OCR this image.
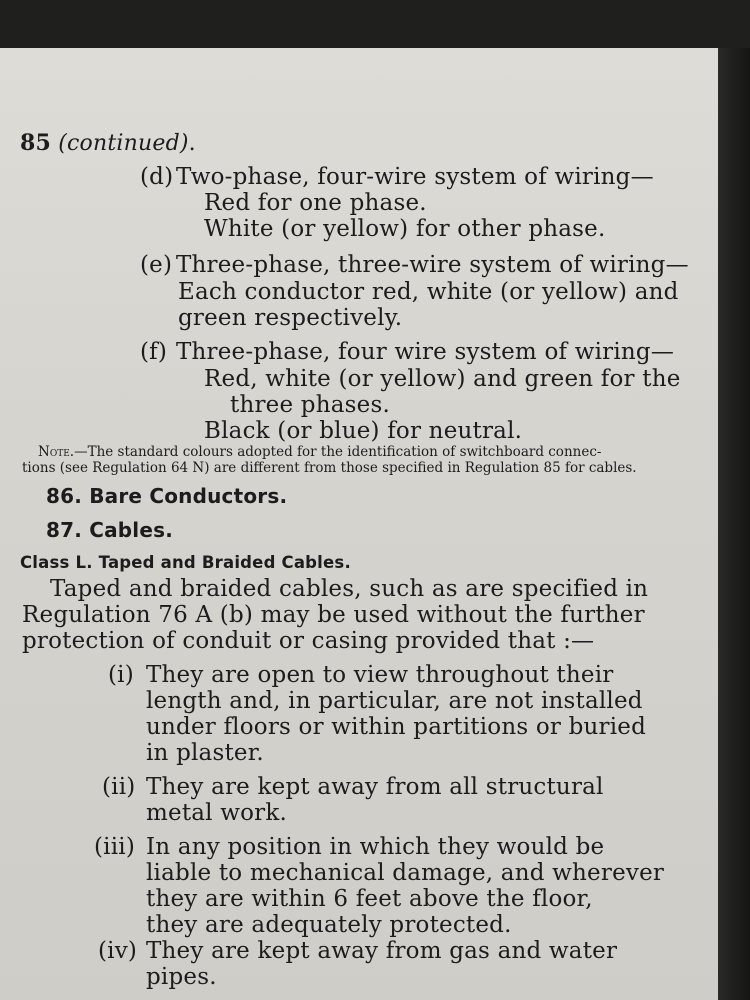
85 (continued).
(d) Two-phase, four-wire system of wiring—
Red for one phase.
White (or yellow) for other phase.
(e) Three-phase, three-wire system of wiring—
Each conductor red, white (or yellow) and
green respectively.
(f) Three-phase, four wire system of wiring—
Red, white (or yellow) and green for the
three phases.
Black (or blue) for neutral.
Note.—The standard colours adopted for the identification of switchboard connec-
tions (see Regulation 64 N) are different from those specified in Regulation 85 for cables.
86. Bare Conductors.
87. Cables.
Class L. Taped and Braided Cables.
Taped and braided cables, such as are specified in
Regulation 76 A (b) may be used without the further
protection of conduit or casing provided that :—
(i) They are open to view throughout their
length and, in particular, are not installed
under floors or within partitions or buried
in plaster.
(ii) They are kept away from all structural
metal work.
(iii) In any position in which they would be
liable to mechanical damage, and wherever
they are within 6 feet above the floor,
they are adequately protected.
(iv) They are kept away from gas and water
pipes.
